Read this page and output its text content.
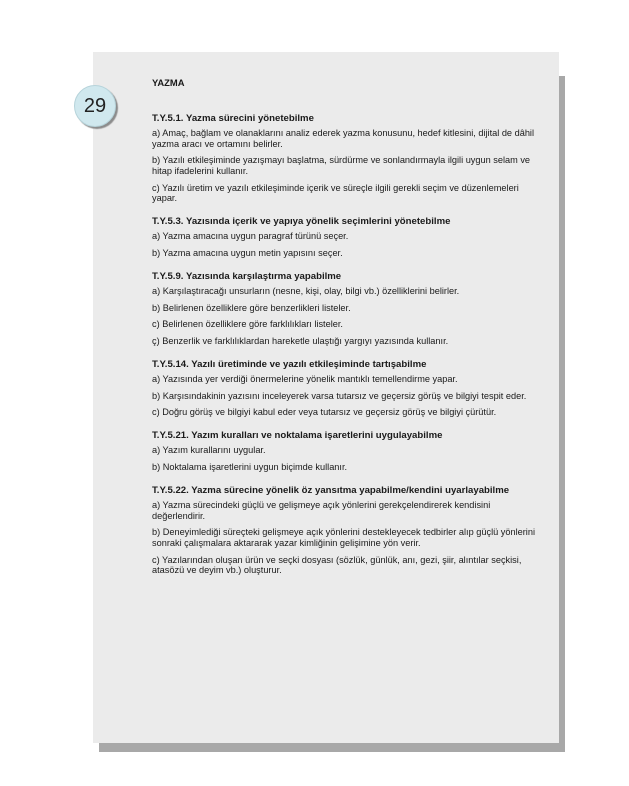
29
YAZMA
T.Y.5.1. Yazma sürecini yönetebilme
a) Amaç, bağlam ve olanaklarını analiz ederek yazma konusunu, hedef kitlesini, dijital de dâhil yazma aracı ve ortamını belirler.
b) Yazılı etkileşiminde yazışmayı başlatma, sürdürme ve sonlandırmayla ilgili uygun selam ve hitap ifadelerini kullanır.
c) Yazılı üretim ve yazılı etkileşiminde içerik ve süreçle ilgili gerekli seçim ve düzenlemeleri yapar.
T.Y.5.3. Yazısında içerik ve yapıya yönelik seçimlerini yönetebilme
a) Yazma amacına uygun paragraf türünü seçer.
b) Yazma amacına uygun metin yapısını seçer.
T.Y.5.9. Yazısında karşılaştırma yapabilme
a) Karşılaştıracağı unsurların (nesne, kişi, olay, bilgi vb.) özelliklerini belirler.
b) Belirlenen özelliklere göre benzerlikleri listeler.
c) Belirlenen özelliklere göre farklılıkları listeler.
ç) Benzerlik ve farklılıklardan hareketle ulaştığı yargıyı yazısında kullanır.
T.Y.5.14. Yazılı üretiminde ve yazılı etkileşiminde tartışabilme
a) Yazısında yer verdiği önermelerine yönelik mantıklı temellendirme yapar.
b) Karşısındakinin yazısını inceleyerek varsa tutarsız ve geçersiz görüş ve bilgiyi tespit eder.
c) Doğru görüş ve bilgiyi kabul eder veya tutarsız ve geçersiz görüş ve bilgiyi çürütür.
T.Y.5.21. Yazım kuralları ve noktalama işaretlerini uygulayabilme
a) Yazım kurallarını uygular.
b) Noktalama işaretlerini uygun biçimde kullanır.
T.Y.5.22. Yazma sürecine yönelik öz yansıtma yapabilme/kendini uyarlayabilme
a) Yazma sürecindeki güçlü ve gelişmeye açık yönlerini gerekçelendirerek kendisini değerlendirir.
b) Deneyimlediği süreçteki gelişmeye açık yönlerini destekleyecek tedbirler alıp güçlü yönlerini sonraki çalışmalara aktararak yazar kimliğinin gelişimine yön verir.
c) Yazılarından oluşan ürün ve seçki dosyası (sözlük, günlük, anı, gezi, şiir, alıntılar seçkisi, atasözü ve deyim vb.) oluşturur.
